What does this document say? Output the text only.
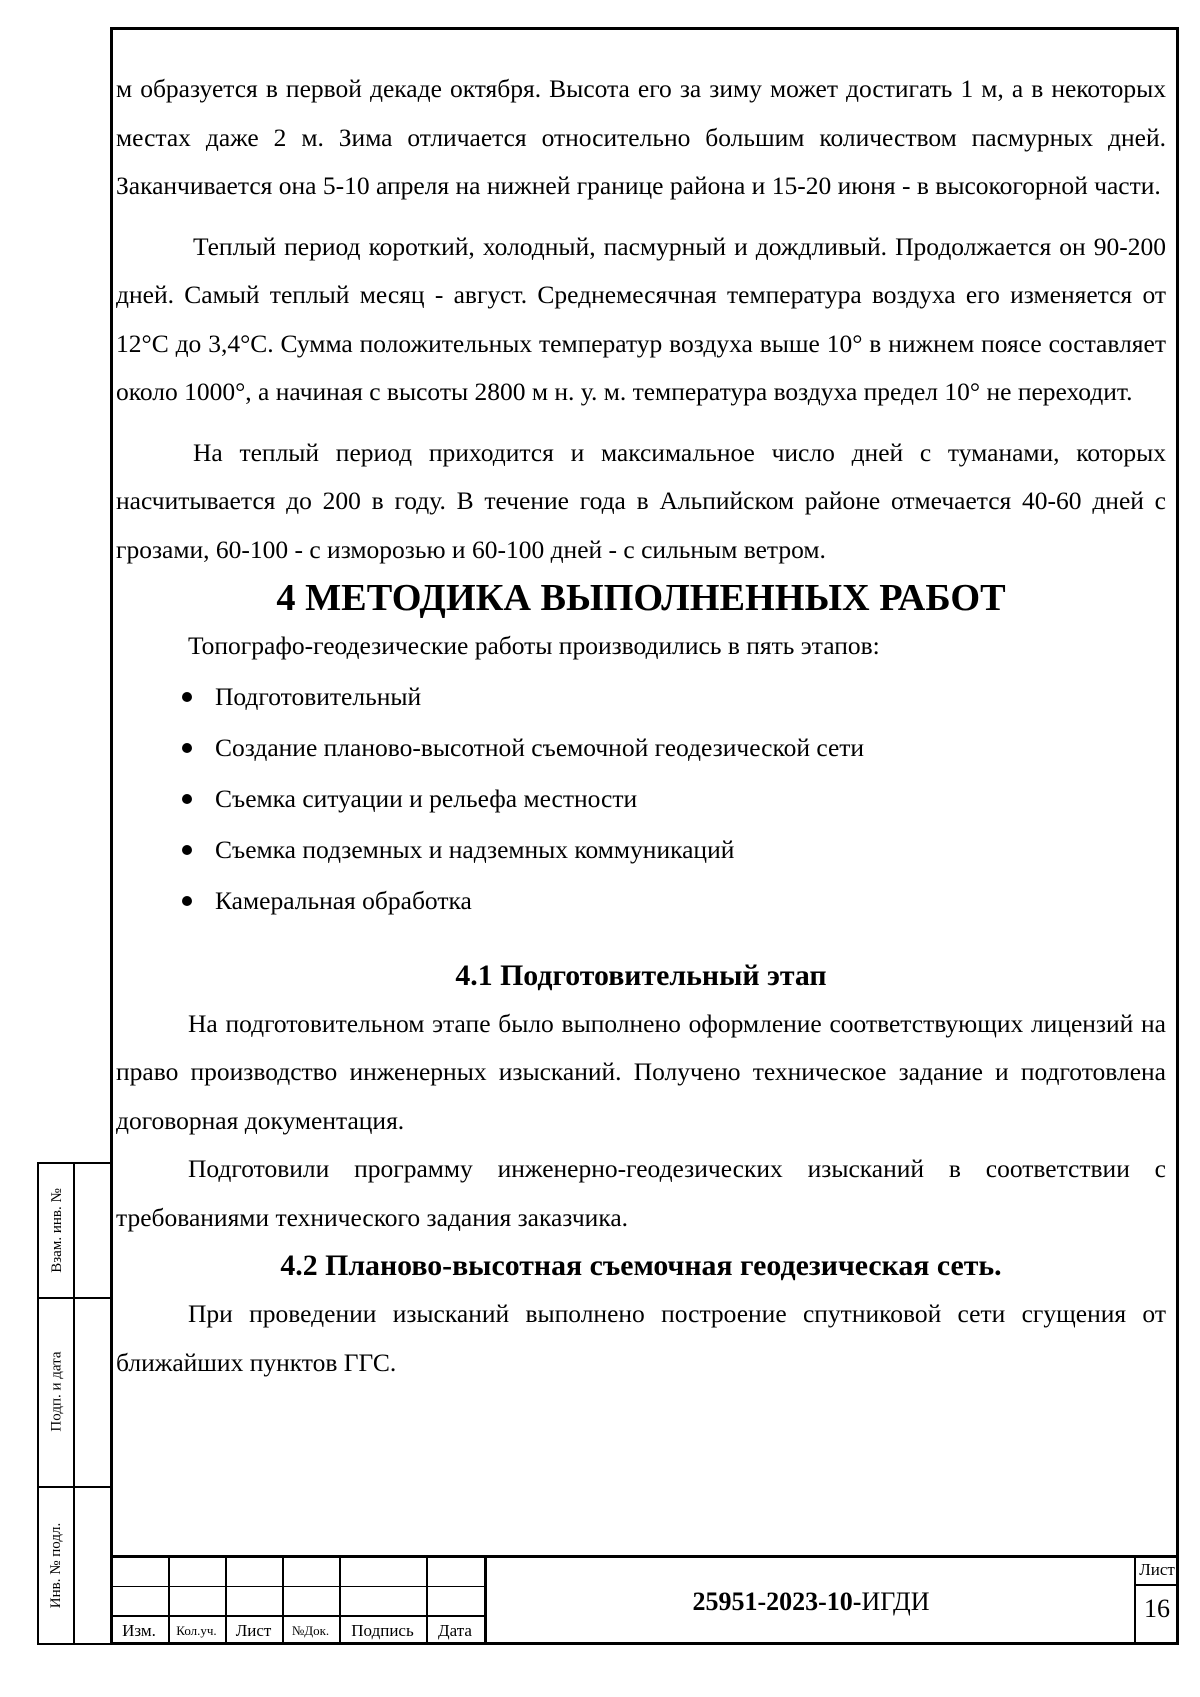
Взам. инв. №
Подп. и дата
Инв. № подл.

м образуется в первой декаде октября. Высота его за зиму может достигать 1 м, а в некоторых местах даже 2 м. Зима отличается относительно большим количеством пасмурных дней. Заканчивается она 5-10 апреля на нижней границе района и 15-20 июня - в высокогорной части.

Теплый период короткий, холодный, пасмурный и дождливый. Продолжается он 90-200 дней. Самый теплый месяц - август. Среднемесячная температура воздуха его изменяется от 12°С до 3,4°С. Сумма положительных температур воздуха выше 10° в нижнем поясе составляет около 1000°, а начиная с высоты 2800 м н. у. м. температура воздуха предел 10° не переходит.

На теплый период приходится и максимальное число дней с туманами, которых насчитывается до 200 в году. В течение года в Альпийском районе отмечается 40-60 дней с грозами, 60-100 - с изморозью и 60-100 дней - с сильным ветром.

4 МЕТОДИКА ВЫПОЛНЕННЫХ РАБОТ

Топографо-геодезические работы производились в пять этапов:

Подготовительный
Создание планово-высотной съемочной геодезической сети
Съемка ситуации и рельефа местности
Съемка подземных и надземных коммуникаций
Камеральная обработка
4.1 Подготовительный этап

На подготовительном этапе было выполнено оформление соответствующих лицензий на право производство инженерных изысканий. Получено техническое задание и подготовлена договорная документация.

Подготовили программу инженерно-геодезических изысканий в соответствии с требованиями технического задания заказчика.

4.2 Планово-высотная съемочная геодезическая сеть.

При проведении изысканий выполнено построение спутниковой сети сгущения от ближайших пунктов ГГС.

Изм.	Кол.уч.	Лист	№Док.	Подпись	Дата
25951-2023-10- ИГДИ
Лист
16
